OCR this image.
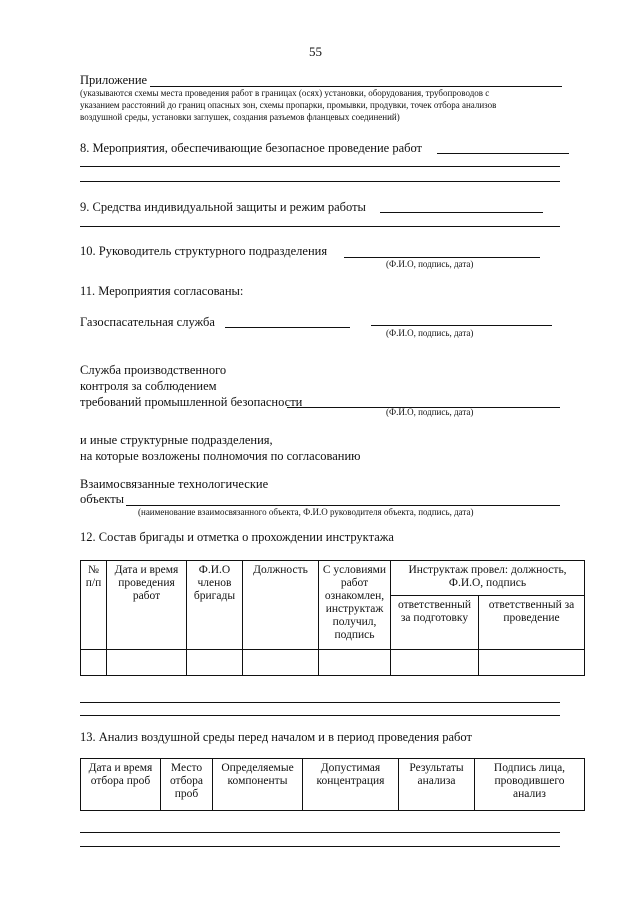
55
Приложение
(указываются схемы места проведения работ в границах (осях) установки, оборудования, трубопроводов с
указанием расстояний до границ опасных зон, схемы пропарки, промывки, продувки, точек отбора анализов
воздушной среды, установки заглушек, создания разъемов фланцевых соединений)
8. Мероприятия, обеспечивающие безопасное проведение работ
9. Средства индивидуальной защиты и режим работы
10. Руководитель структурного подразделения
(Ф.И.О, подпись, дата)
11. Мероприятия согласованы:
Газоспасательная служба
(Ф.И.О, подпись, дата)
Служба производственного
контроля за соблюдением
требований промышленной безопасности
(Ф.И.О, подпись, дата)
и иные структурные подразделения,
на которые возложены полномочия по согласованию
Взаимосвязанные технологические
объекты
(наименование взаимосвязанного объекта, Ф.И.О руководителя объекта, подпись, дата)
12. Состав бригады и отметка о прохождении инструктажа
№ п/п	Дата и время проведения работ	Ф.И.О членов бригады	Должность	С условиями работ ознакомлен, инструктаж получил, подпись	Инструктаж провел: должность, Ф.И.О, подпись	
					ответственный за подготовку	ответственный за проведение

13. Анализ воздушной среды перед началом и в период проведения работ
Дата и время отбора проб	Место отбора проб	Определяемые компоненты	Допустимая концентрация	Результаты анализа	Подпись лица, проводившего анализ
